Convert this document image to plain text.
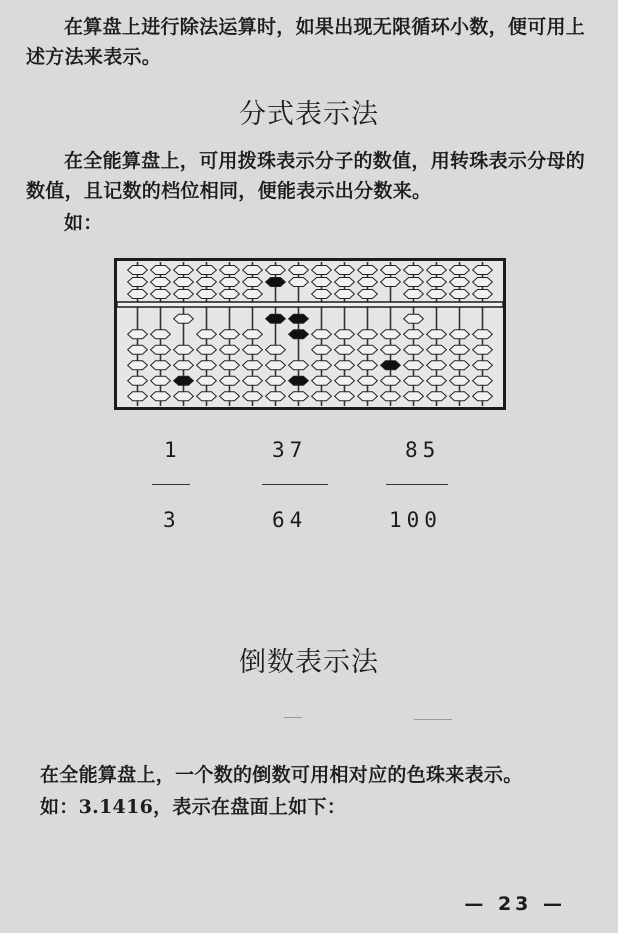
在算盘上进行除法运算时，如果出现无限循环小数，便可用上述方法来表示。

分式表示法

在全能算盘上，可用拨珠表示分子的数值，用转珠表示分母的数值，且记数的档位相同，便能表示出分数来。

如：

1
3
37
64
85
100
倒数表示法

在全能算盘上，一个数的倒数可用相对应的色珠来表示。

如：3.1416，表示在盘面上如下：

— 23 —
